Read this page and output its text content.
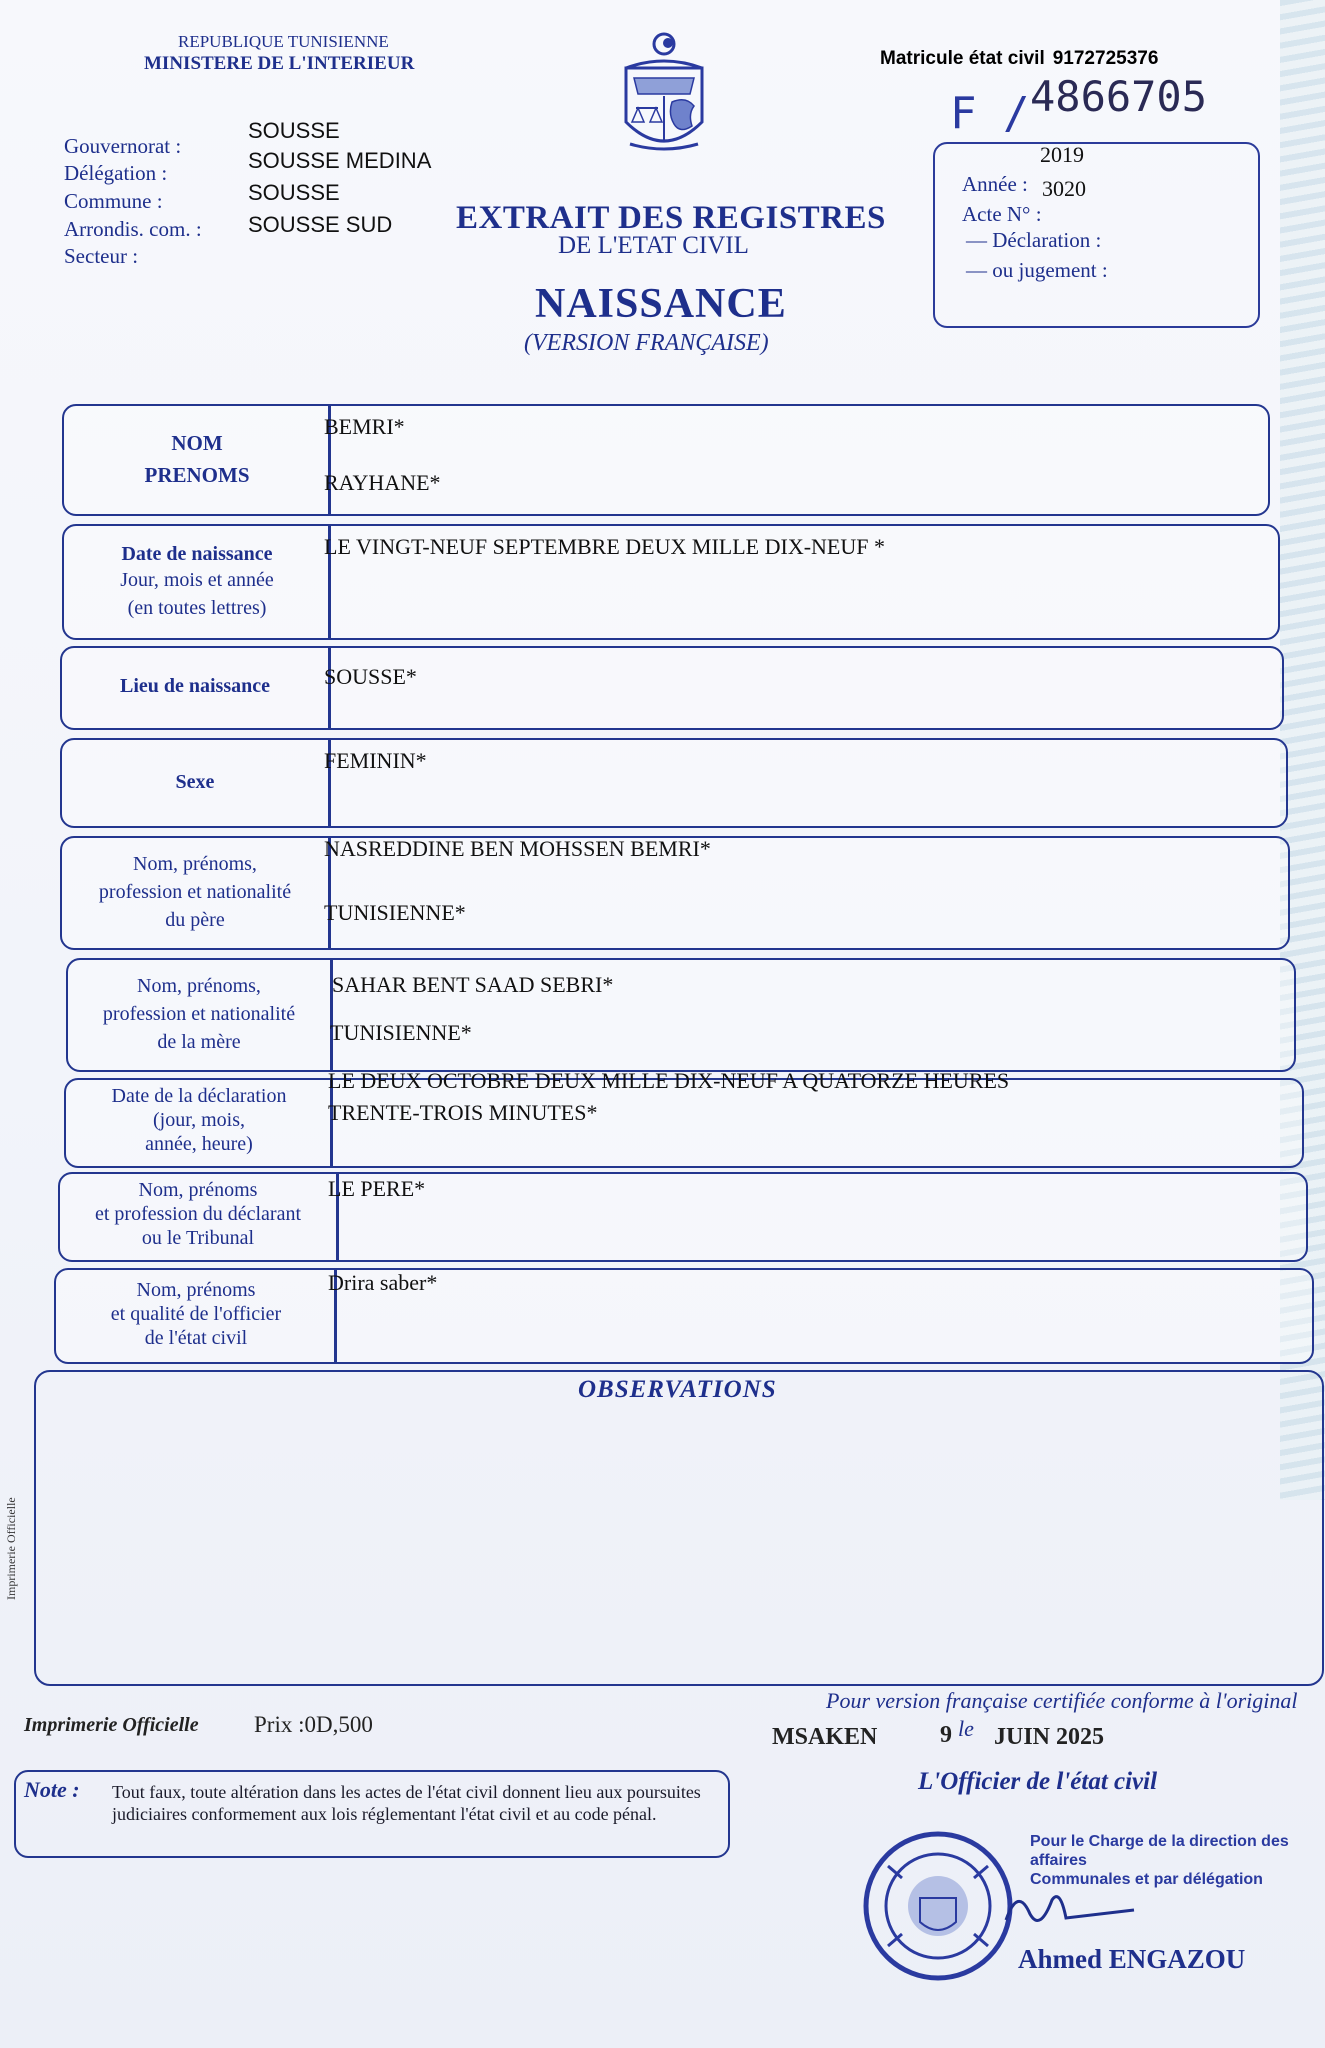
REPUBLIQUE TUNISIENNE
MINISTERE DE L'INTERIEUR
Gouvernorat :
SOUSSE
Délégation :	SOUSSE MEDINA
Commune :	SOUSSE
Arrondis. com. : SOUSSE SUD
Secteur :
EXTRAIT DES REGISTRES
DE L'ETAT CIVIL
NAISSANCE
(VERSION FRANÇAISE)
Matricule état civil 9172725376
F / 4866705
2019
Année : 3020
Acte N° :
— Déclaration :
— ou jugement :
NOM
PRENOMS
BEMRI*
RAYHANE*
Date de naissance
Jour, mois et année
(en toutes lettres)
LE VINGT-NEUF SEPTEMBRE DEUX MILLE DIX-NEUF *
Lieu de naissance	SOUSSE*
Sexe
FEMININ*
Nom, prénoms,
profession et nationalité
du père
NASREDDINE BEN MOHSSEN BEMRI*
TUNISIENNE*
Nom, prénoms,
profession et nationalité
de la mère
SAHAR BENT SAAD SEBRI*
TUNISIENNE*
Date de la déclaration
(jour, mois,
année, heure)
LE DEUX OCTOBRE DEUX MILLE DIX-NEUF A QUATORZE HEURES
TRENTE-TROIS MINUTES*
Nom, prénoms
et profession du déclarant
ou le Tribunal
LE PERE*
Nom, prénoms
et qualité de l'officier
de l'état civil
Drira saber*
OBSERVATIONS
Imprimerie Officielle
Imprimerie Officielle Prix :0D,500
Pour version française certifiée conforme à l'original
MSAKEN	9 le JUIN 2025
L'Officier de l'état civil
Note : Tout faux, toute altération dans les actes de l'état civil donnent lieu aux poursuites judiciaires conformement aux lois réglementant l'état civil et au code pénal.
Pour le Charge de la direction des affaires
Communales et par délégation
Ahmed ENGAZOU
